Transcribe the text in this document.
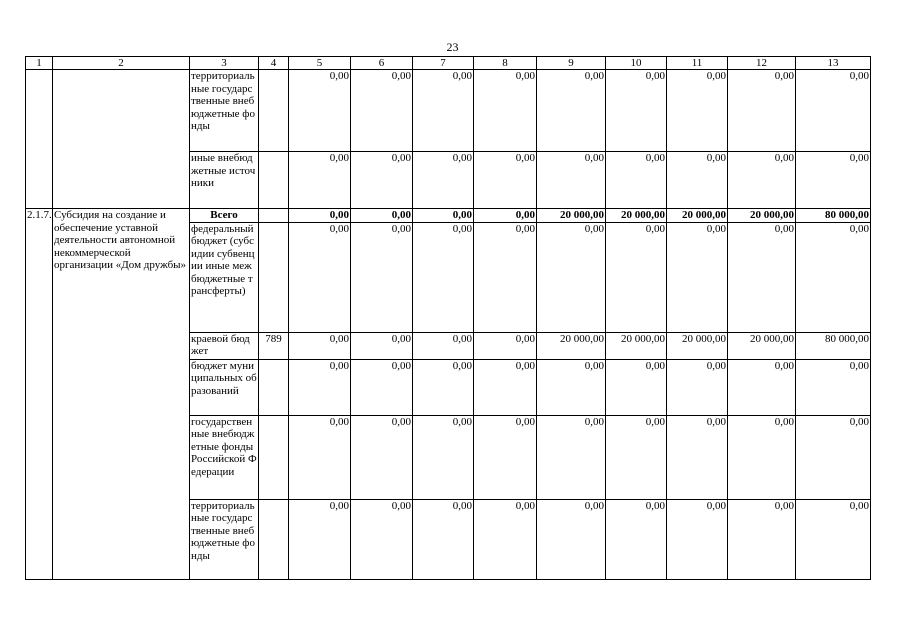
23
1	2	3	4	5	6	7	8	9	10	11	12	13
		территориальные государственные внебюджетные фонды		0,00	0,00	0,00	0,00	0,00	0,00	0,00	0,00	0,00
		иные внебюджетные источники		0,00	0,00	0,00	0,00	0,00	0,00	0,00	0,00	0,00
2.1.7.	Субсидия на создание и обеспечение уставной деятельности автономной некоммерческой организации «Дом дружбы»	Всего		0,00	0,00	0,00	0,00	20 000,00	20 000,00	20 000,00	20 000,00	80 000,00
		федеральный бюджет (субсидии субвенции иные межбюджетные трансферты)		0,00	0,00	0,00	0,00	0,00	0,00	0,00	0,00	0,00
		краевой бюджет	789	0,00	0,00	0,00	0,00	20 000,00	20 000,00	20 000,00	20 000,00	80 000,00
		бюджет муниципальных образований		0,00	0,00	0,00	0,00	0,00	0,00	0,00	0,00	0,00
		государственные внебюджетные фонды Российской Федерации		0,00	0,00	0,00	0,00	0,00	0,00	0,00	0,00	0,00
		территориальные государственные внебюджетные фонды		0,00	0,00	0,00	0,00	0,00	0,00	0,00	0,00	0,00
